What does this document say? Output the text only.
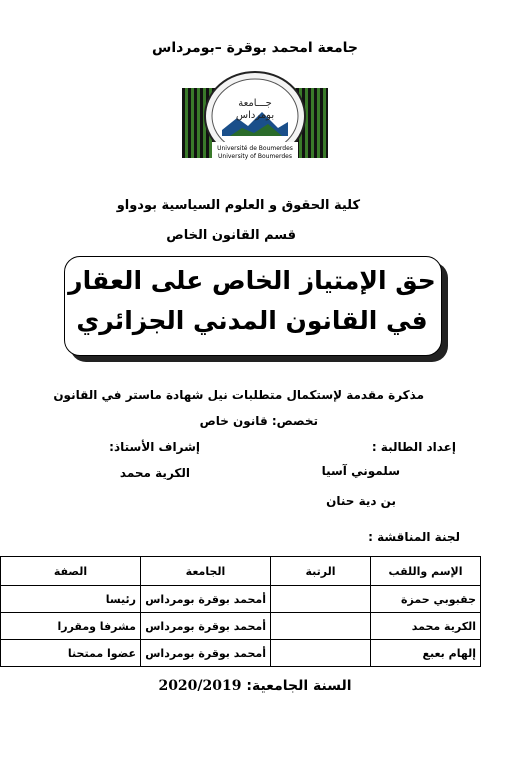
جامعة امحمد بوقرة –بومرداس
جـــامعة
بومرداس
Université de Boumerdes
University of Boumerdes
كلية الحقوق و العلوم السياسية بودواو
قسم القانون الخاص
حق الإمتياز الخاص على العقار
في القانون المدني الجزائري
مذكرة مقدمة لإستكمال متطلبات نيل شهادة ماستر في القانون
تخصص: قانون خاص
إعداد الطالبة :
إشراف الأستاذ:
سلموني آسيا
بن دية حنان
الكرية محمد
لجنة المناقشة :
الإسم واللقب	الرتبة	الجامعة	الصفة
جقبوبي حمزة		أمحمد بوقرة بومرداس	رئيسا
الكرية محمد		أمحمد بوقرة بومرداس	مشرفا ومقررا
إلهام بعبع		أمحمد بوقرة بومرداس	عضوا ممتحنا
السنة الجامعية: 2020/2019
